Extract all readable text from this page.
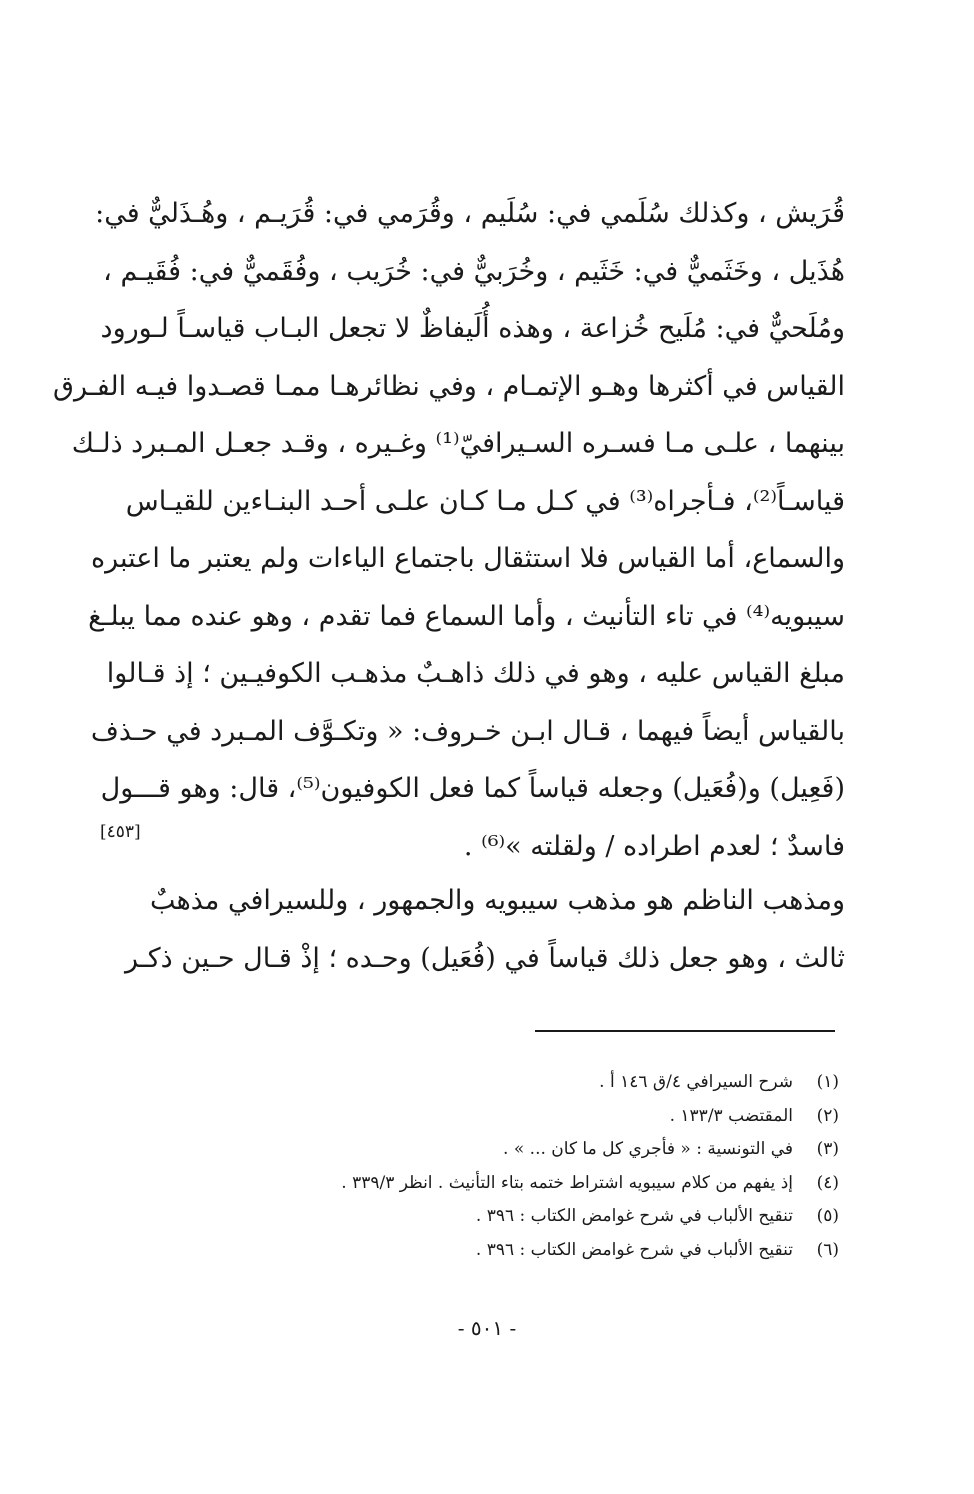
قُرَيش ، وكذلك سُلَمي في: سُلَيم ، وقُرَمي في: قُرَيـم ، وهُـذَليٌّ في:
هُذَيل ، وخَثَميٌّ في: خَثَيم ، وخُرَبيٌّ في: خُرَيب ، وفُقَميٌّ في: فُقَيـم ،
ومُلَحيٌّ في: مُلَيح خُزاعة ، وهذه أُلَيفاظٌ لا تجعل البـاب قياسـاً لـورود
القياس في أكثرها وهـو الإتمـام ، وفي نظائرهـا ممـا قصـدوا فيـه الفـرق
بينهما ، علـى مـا فسـره السـيرافيّ⁽¹⁾ وغـيره ، وقـد جعـل المـبرد ذلـك
قياسـاً⁽²⁾، فـأجراه⁽³⁾ في كـل مـا كـان علـى أحـد البنـاءين للقيـاس
والسماع، أما القياس فلا استثقال باجتماع الياءات ولم يعتبر ما اعتبره
سيبويه⁽⁴⁾ في تاء التأنيث ، وأما السماع فما تقدم ، وهو عنده مما يبلـغ
مبلغ القياس عليه ، وهو في ذلك ذاهـبٌ مذهـب الكوفيـين ؛ إذ قـالوا
بالقياس أيضاً فيهما ، قـال ابـن خـروف: « وتكـوَّف المـبرد في حـذف
(فَعِيل) و(فُعَيل) وجعله قياساً كما فعل الكوفيون⁽⁵⁾، قال: وهو قـــول
فاسدٌ ؛ لعدم اطراده / ولقلته »⁽⁶⁾ .
[٤٥٣]
ومذهب الناظم هو مذهب سيبويه والجمهور ، وللسيرافي مذهبٌ
ثالث ، وهو جعل ذلك قياساً في (فُعَيل) وحـده ؛ إذْ قـال حـين ذكـر
(١)
شرح السيرافي ٤/ق ١٤٦ أ .
(٢)
المقتضب ١٣٣/٣ .
(٣)
في التونسية : « فأجري كل ما كان ... » .
(٤)
إذ يفهم من كلام سيبويه اشتراط ختمه بتاء التأنيث . انظر ٣٣٩/٣ .
(٥)
تنقيح الألباب في شرح غوامض الكتاب : ٣٩٦ .
(٦)
تنقيح الألباب في شرح غوامض الكتاب : ٣٩٦ .
- ٥٠١ -
